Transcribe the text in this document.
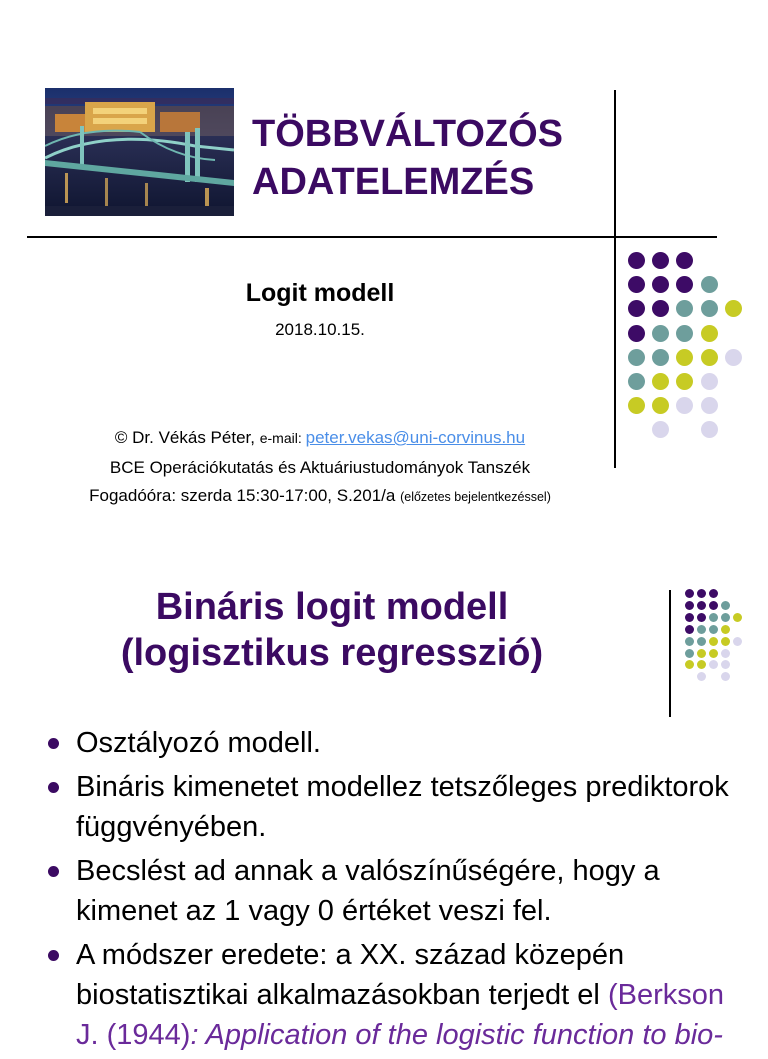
TÖBBVÁLTOZÓS
ADATELEMZÉS
Logit modell
2018.10.15.
© Dr. Vékás Péter, e-mail: peter.vekas@uni-corvinus.hu
BCE Operációkutatás és Aktuáriustudományok Tanszék
Fogadóóra: szerda 15:30-17:00, S.201/a (előzetes bejelentkezéssel)
Bináris logit modell
(logisztikus regresszió)
Osztályozó modell.
Bináris kimenetet modellez tetszőleges prediktorok függvényében.
Becslést ad annak a valószínűségére, hogy a kimenet az 1 vagy 0 értéket veszi fel.
A módszer eredete: a XX. század közepén biostatisztikai alkalmazásokban terjedt el (Berkson J. (1944): Application of the logistic function to bio-
